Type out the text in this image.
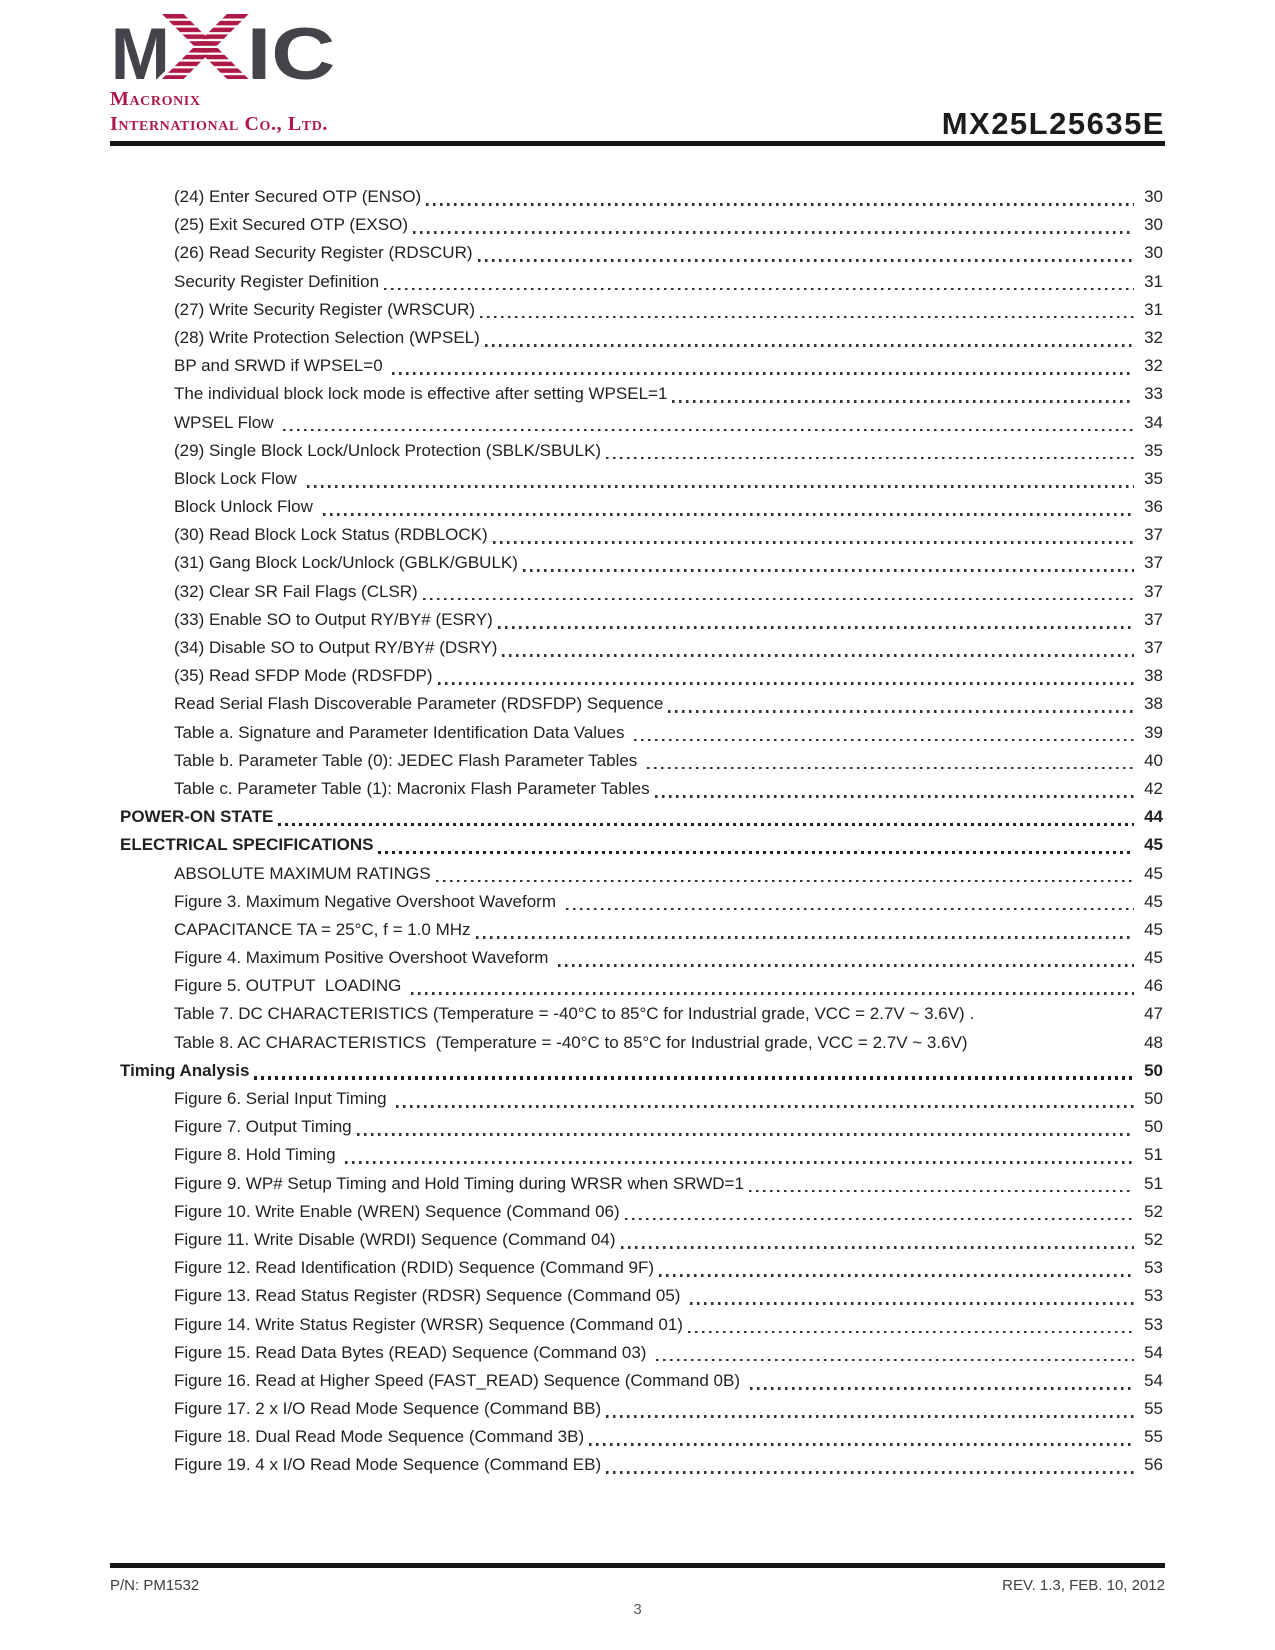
M IC
Macronix
International Co., Ltd.	MX25L25635E
(24) Enter Secured OTP (ENSO)	30
(25) Exit Secured OTP (EXSO)	30
(26) Read Security Register (RDSCUR)	30
Security Register Definition	31
(27) Write Security Register (WRSCUR)	31
(28) Write Protection Selection (WPSEL)	32
BP and SRWD if WPSEL=0	32
The individual block lock mode is effective after setting WPSEL=1	33
WPSEL Flow	34
(29) Single Block Lock/Unlock Protection (SBLK/SBULK)	35
Block Lock Flow	35
Block Unlock Flow	36
(30) Read Block Lock Status (RDBLOCK)	37
(31) Gang Block Lock/Unlock (GBLK/GBULK)	37
(32) Clear SR Fail Flags (CLSR)	37
(33) Enable SO to Output RY/BY# (ESRY)	37
(34) Disable SO to Output RY/BY# (DSRY)	37
(35) Read SFDP Mode (RDSFDP)	38
Read Serial Flash Discoverable Parameter (RDSFDP) Sequence	38
Table a. Signature and Parameter Identification Data Values	39
Table b. Parameter Table (0): JEDEC Flash Parameter Tables	40
Table c. Parameter Table (1): Macronix Flash Parameter Tables	42
POWER-ON STATE	44
ELECTRICAL SPECIFICATIONS	45
ABSOLUTE MAXIMUM RATINGS	45
Figure 3. Maximum Negative Overshoot Waveform	45
CAPACITANCE TA = 25°C, f = 1.0 MHz	45
Figure 4. Maximum Positive Overshoot Waveform	45
Figure 5. OUTPUT  LOADING	46
Table 7. DC CHARACTERISTICS (Temperature = -40°C to 85°C for Industrial grade, VCC = 2.7V ~ 3.6V) .	47
Table 8. AC CHARACTERISTICS  (Temperature = -40°C to 85°C for Industrial grade, VCC = 2.7V ~ 3.6V)	48
Timing Analysis	50
Figure 6. Serial Input Timing	50
Figure 7. Output Timing	50
Figure 8. Hold Timing	51
Figure 9. WP# Setup Timing and Hold Timing during WRSR when SRWD=1	51
Figure 10. Write Enable (WREN) Sequence (Command 06)	52
Figure 11. Write Disable (WRDI) Sequence (Command 04)	52
Figure 12. Read Identification (RDID) Sequence (Command 9F)	53
Figure 13. Read Status Register (RDSR) Sequence (Command 05)	53
Figure 14. Write Status Register (WRSR) Sequence (Command 01)	53
Figure 15. Read Data Bytes (READ) Sequence (Command 03)	54
Figure 16. Read at Higher Speed (FAST_READ) Sequence (Command 0B)	54
Figure 17. 2 x I/O Read Mode Sequence (Command BB)	55
Figure 18. Dual Read Mode Sequence (Command 3B)	55
Figure 19. 4 x I/O Read Mode Sequence (Command EB)	56
P/N: PM1532	REV. 1.3, FEB. 10, 2012
3
